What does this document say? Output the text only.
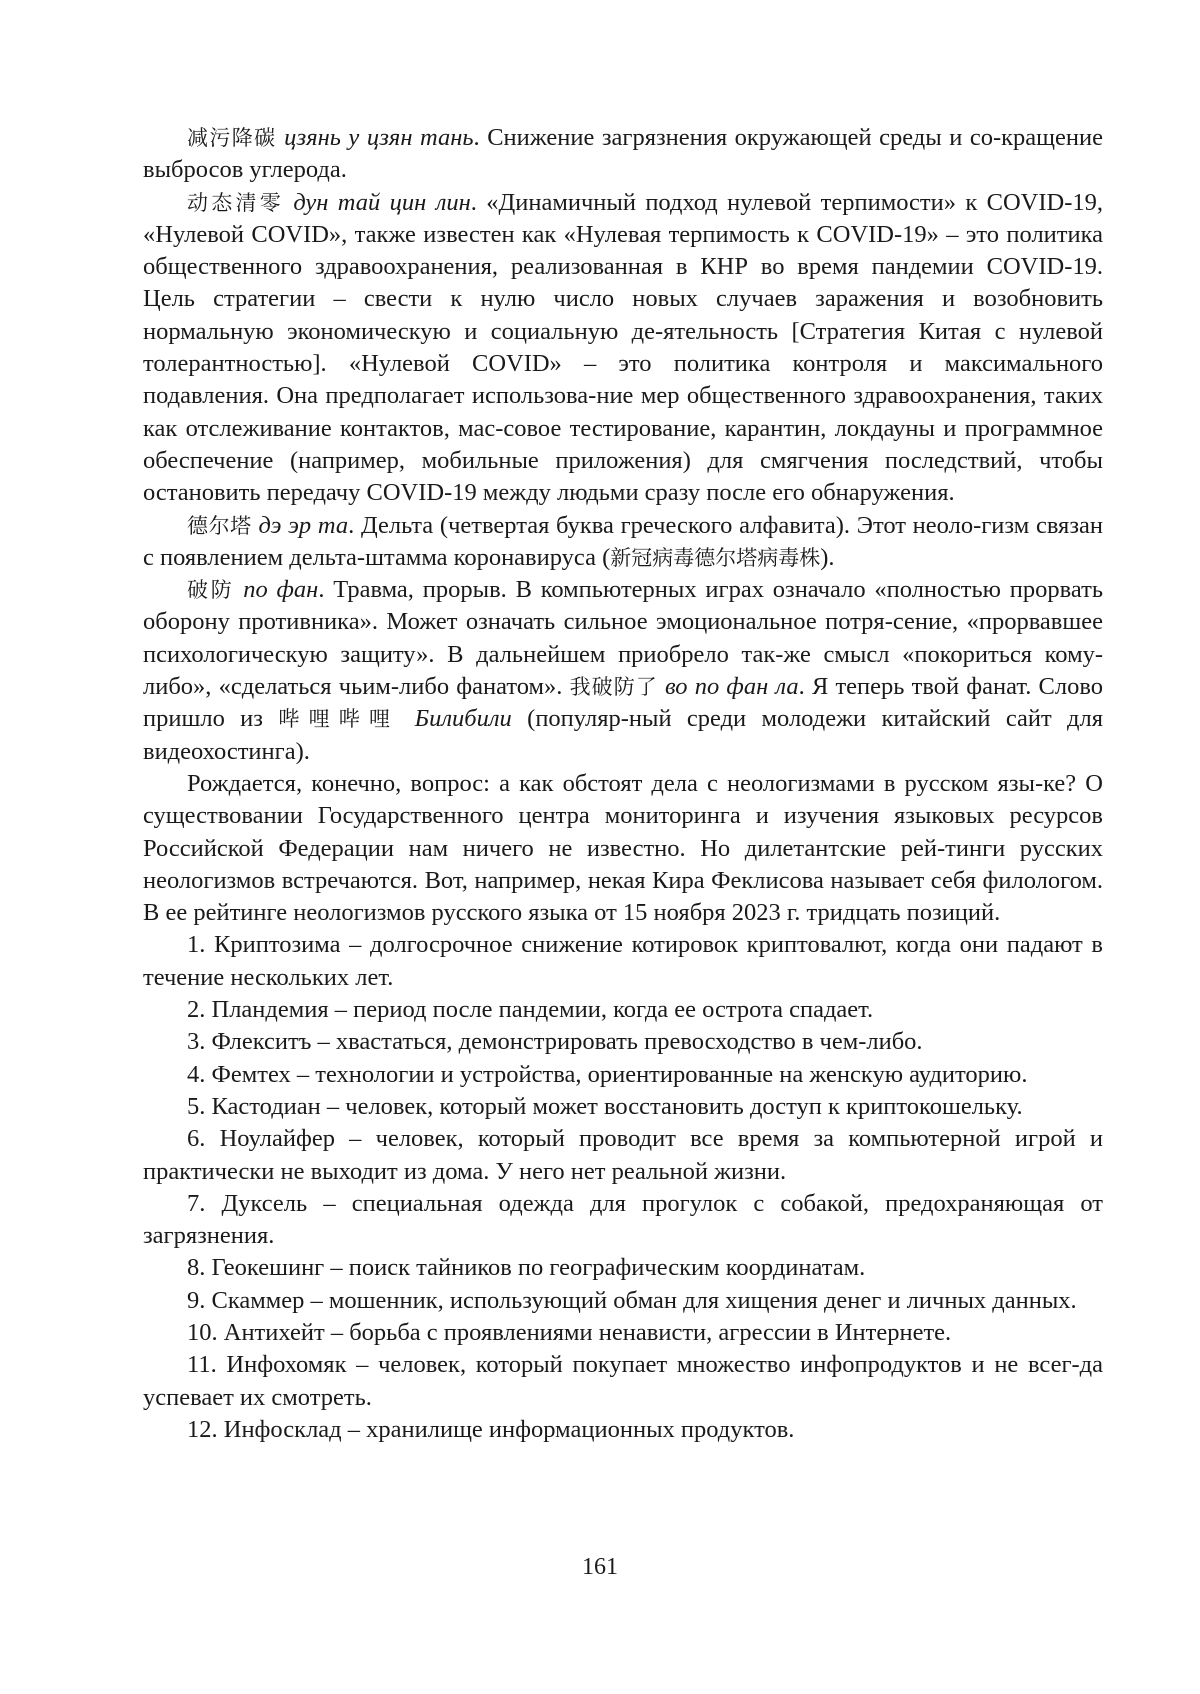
减污降碳 цзянь у цзян тань. Снижение загрязнения окружающей среды и со-кращение выбросов углерода.

动态清零 дун тай цин лин. «Динамичный подход нулевой терпимости» к COVID-19, «Нулевой COVID», также известен как «Нулевая терпимость к COVID-19» – это политика общественного здравоохранения, реализованная в КНР во время пандемии COVID-19. Цель стратегии – свести к нулю число новых случаев заражения и возобновить нормальную экономическую и социальную де-ятельность [Стратегия Китая с нулевой толерантностью]. «Нулевой COVID» – это политика контроля и максимального подавления. Она предполагает использова-ние мер общественного здравоохранения, таких как отслеживание контактов, мас-совое тестирование, карантин, локдауны и программное обеспечение (например, мобильные приложения) для смягчения последствий, чтобы остановить передачу COVID-19 между людьми сразу после его обнаружения.

德尔塔 дэ эр та. Дельта (четвертая буква греческого алфавита). Этот неоло-гизм связан с появлением дельта-штамма коронавируса (新冠病毒德尔塔病毒株).

破防 по фан. Травма, прорыв. В компьютерных играх означало «полностью прорвать оборону противника». Может означать сильное эмоциональное потря-сение, «прорвавшее психологическую защиту». В дальнейшем приобрело так-же смысл «покориться кому-либо», «сделаться чьим-либо фанатом». 我破防了 во по фан ла. Я теперь твой фанат. Слово пришло из 哔哩哔哩 Билибили (популяр-ный среди молодежи китайский сайт для видеохостинга).

Рождается, конечно, вопрос: а как обстоят дела с неологизмами в русском язы-ке? О существовании Государственного центра мониторинга и изучения языковых ресурсов Российской Федерации нам ничего не известно. Но дилетантские рей-тинги русских неологизмов встречаются. Вот, например, некая Кира Феклисова называет себя филологом. В ее рейтинге неологизмов русского языка от 15 ноября 2023 г. тридцать позиций.

1. Криптозима – долгосрочное снижение котировок криптовалют, когда они падают в течение нескольких лет.

2. Пландемия – период после пандемии, когда ее острота спадает.

3. Флекситъ – хвастаться, демонстрировать превосходство в чем-либо.

4. Фемтех – технологии и устройства, ориентированные на женскую аудиторию.

5. Кастодиан – человек, который может восстановить доступ к криптокошельку.

6. Ноулайфер – человек, который проводит все время за компьютерной игрой и практически не выходит из дома. У него нет реальной жизни.

7. Дуксель – специальная одежда для прогулок с собакой, предохраняющая от загрязнения.

8. Геокешинг – поиск тайников по географическим координатам.

9. Скаммер – мошенник, использующий обман для хищения денег и личных данных.

10. Антихейт – борьба с проявлениями ненависти, агрессии в Интернете.

11. Инфохомяк – человек, который покупает множество инфопродуктов и не всег-да успевает их смотреть.

12. Инфосклад – хранилище информационных продуктов.

161
